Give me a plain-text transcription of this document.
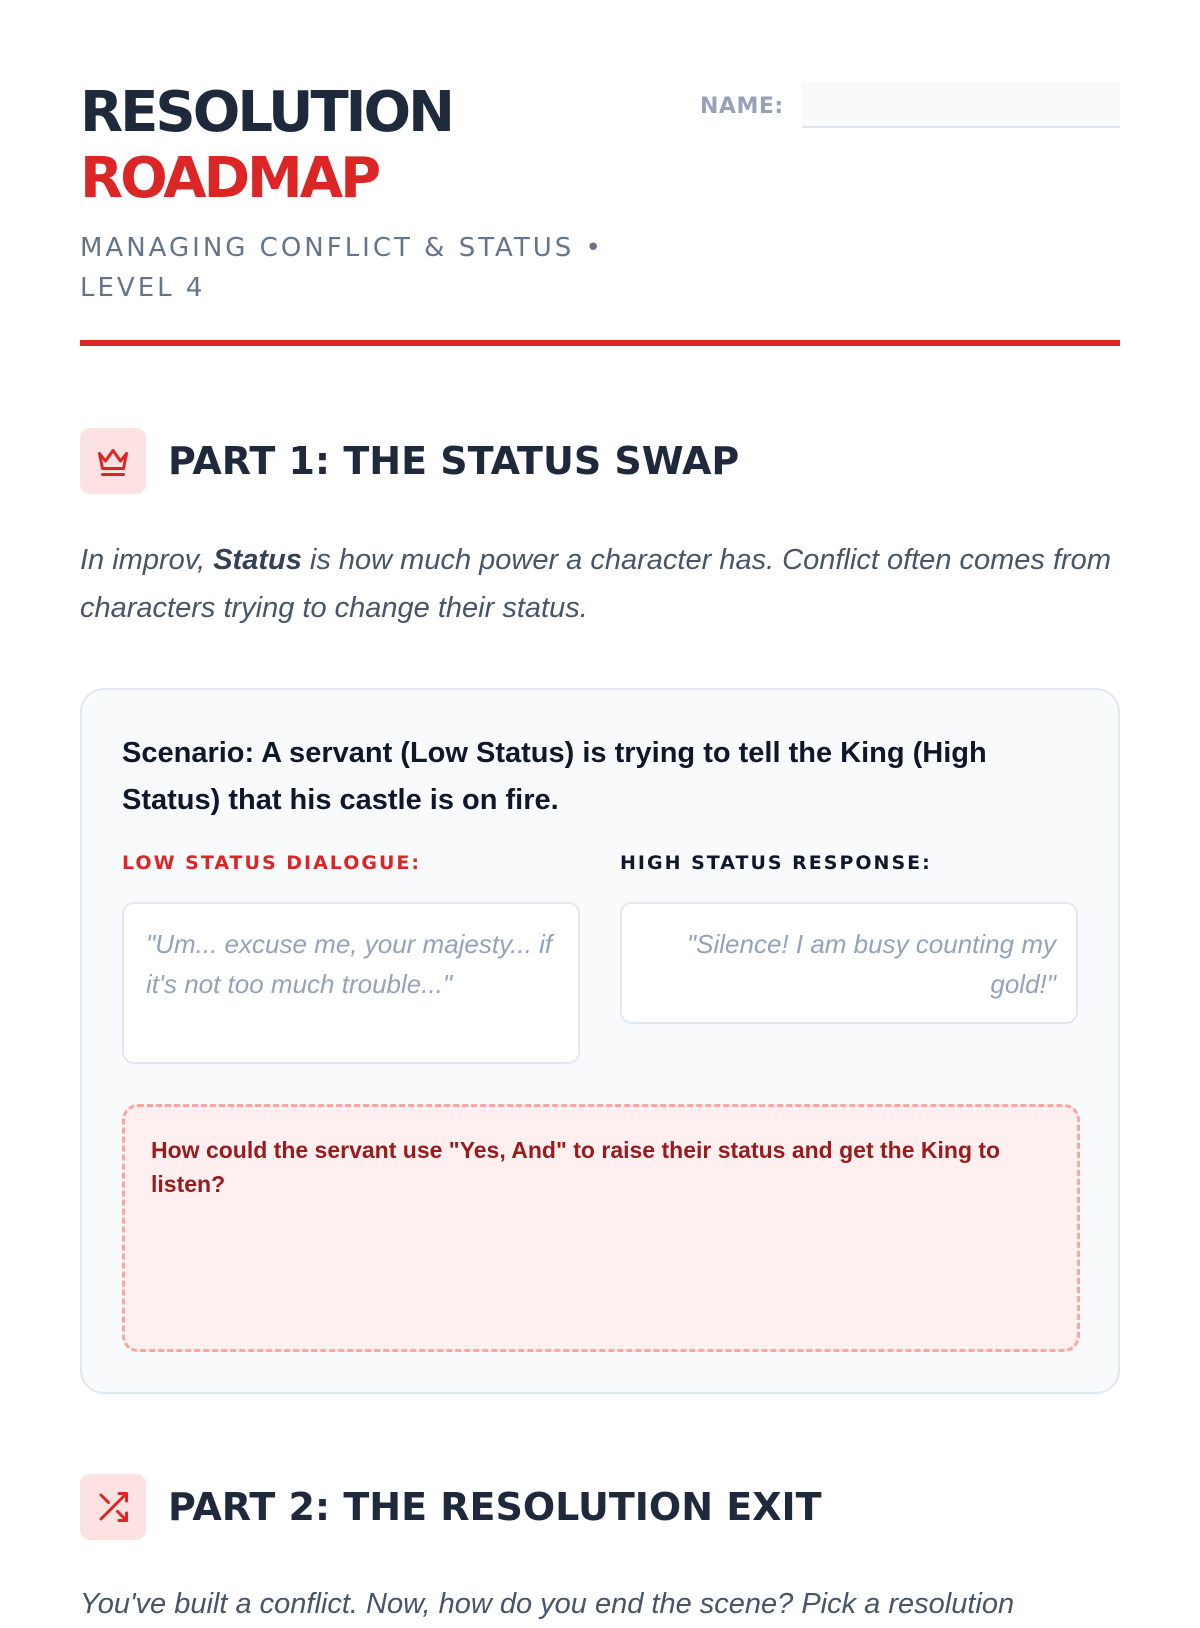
RESOLUTION
ROADMAP
MANAGING CONFLICT & STATUS • LEVEL 4
NAME:
PART 1: THE STATUS SWAP
In improv, Status is how much power a character has. Conflict often comes from characters trying to change their status.
Scenario: A servant (Low Status) is trying to tell the King (High Status) that his castle is on fire.
LOW STATUS DIALOGUE:	HIGH STATUS RESPONSE:
"Um... excuse me, your majesty... if it's not too much trouble..."
"Silence! I am busy counting my gold!"
How could the servant use "Yes, And" to raise their status and get the King to listen?
PART 2: THE RESOLUTION EXIT
You've built a conflict. Now, how do you end the scene? Pick a resolution
